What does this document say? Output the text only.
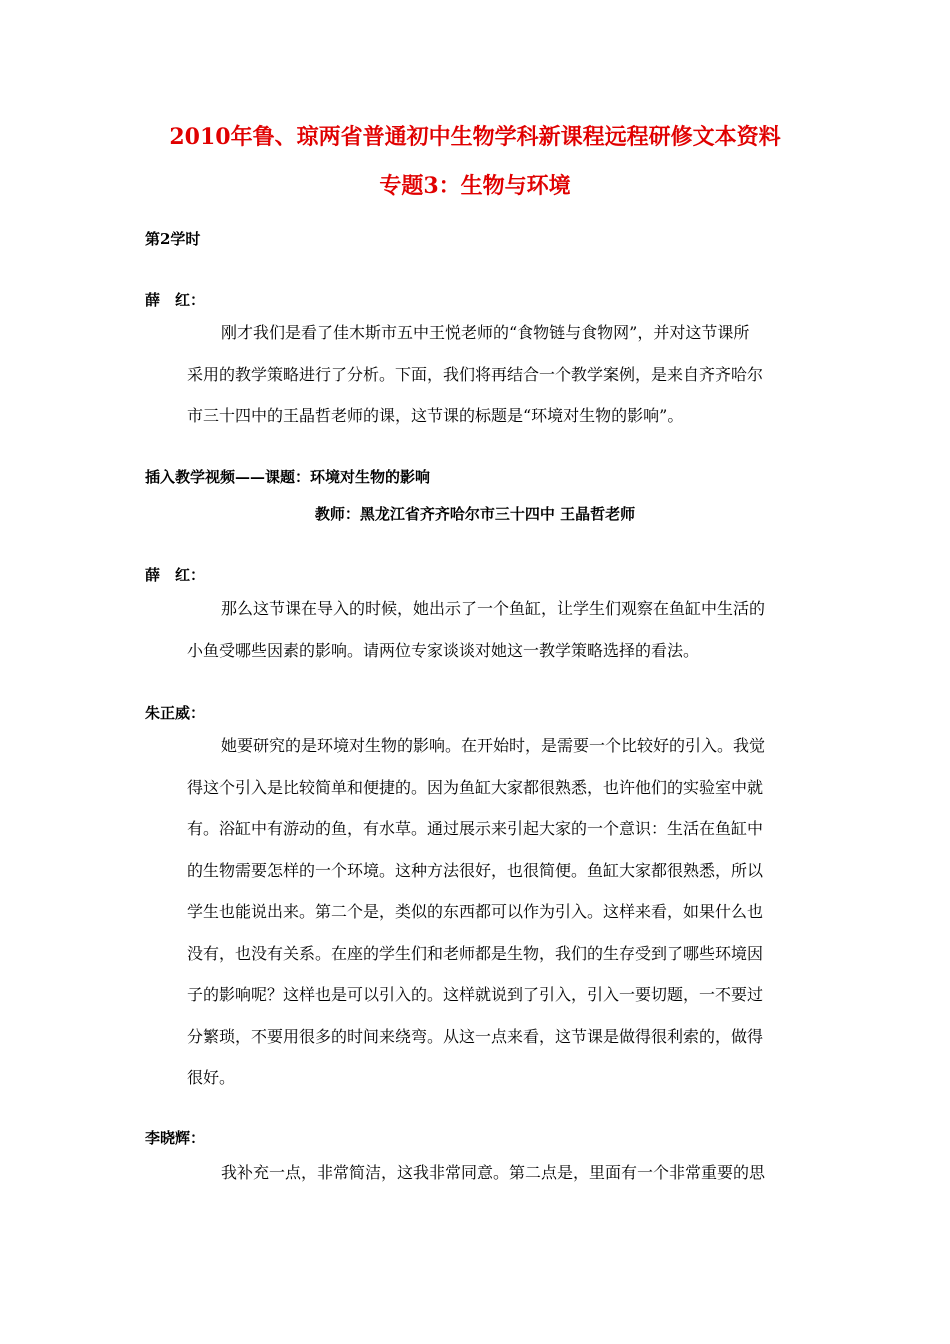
2010年鲁、琼两省普通初中生物学科新课程远程研修文本资料
专题3：生物与环境
第2学时
薛　红：
刚才我们是看了佳木斯市五中王悦老师的“食物链与食物网”，并对这节课所
采用的教学策略进行了分析。下面，我们将再结合一个教学案例，是来自齐齐哈尔
市三十四中的王晶哲老师的课，这节课的标题是“环境对生物的影响”。
插入教学视频——课题：环境对生物的影响
教师：黑龙江省齐齐哈尔市三十四中 王晶哲老师
薛　红：
那么这节课在导入的时候，她出示了一个鱼缸，让学生们观察在鱼缸中生活的
小鱼受哪些因素的影响。请两位专家谈谈对她这一教学策略选择的看法。
朱正威：
她要研究的是环境对生物的影响。在开始时，是需要一个比较好的引入。我觉
得这个引入是比较简单和便捷的。因为鱼缸大家都很熟悉，也许他们的实验室中就
有。浴缸中有游动的鱼，有水草。通过展示来引起大家的一个意识：生活在鱼缸中
的生物需要怎样的一个环境。这种方法很好，也很简便。鱼缸大家都很熟悉，所以
学生也能说出来。第二个是，类似的东西都可以作为引入。这样来看，如果什么也
没有，也没有关系。在座的学生们和老师都是生物，我们的生存受到了哪些环境因
子的影响呢？这样也是可以引入的。这样就说到了引入，引入一要切题，一不要过
分繁琐，不要用很多的时间来绕弯。从这一点来看，这节课是做得很利索的，做得
很好。
李晓辉：
我补充一点，非常简洁，这我非常同意。第二点是，里面有一个非常重要的思
